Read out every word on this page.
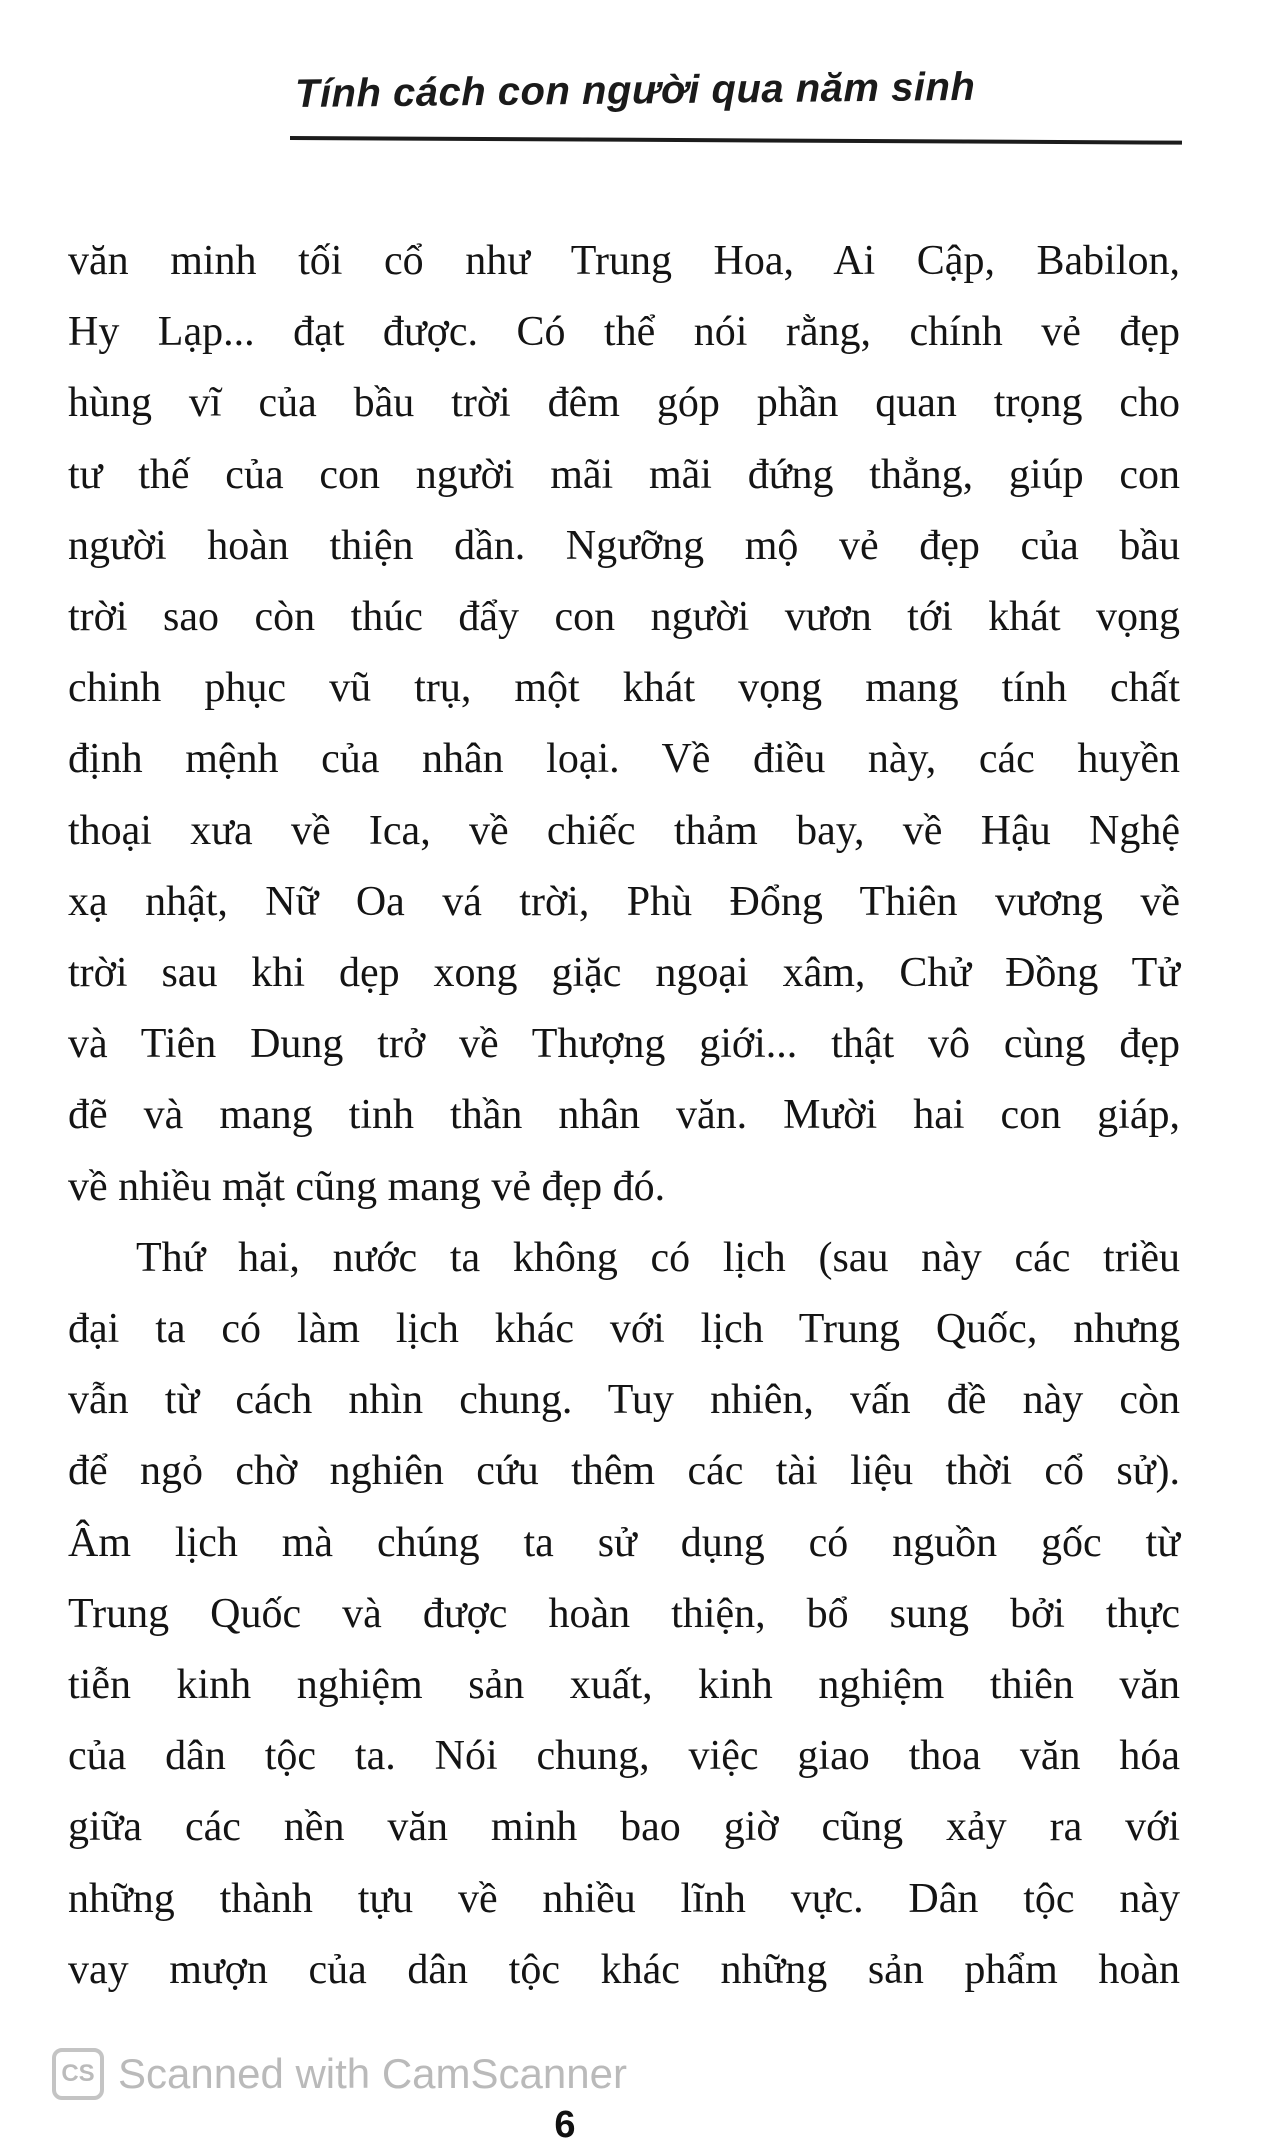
Tính cách con người qua năm sinh
văn minh tối cổ như Trung Hoa, Ai Cập, Babilon,
Hy Lạp... đạt được. Có thể nói rằng, chính vẻ đẹp
hùng vĩ của bầu trời đêm góp phần quan trọng cho
tư thế của con người mãi mãi đứng thẳng, giúp con
người hoàn thiện dần. Ngưỡng mộ vẻ đẹp của bầu
trời sao còn thúc đẩy con người vươn tới khát vọng
chinh phục vũ trụ, một khát vọng mang tính chất
định mệnh của nhân loại. Về điều này, các huyền
thoại xưa về Ica, về chiếc thảm bay, về Hậu Nghệ
xạ nhật, Nữ Oa vá trời, Phù Đổng Thiên vương về
trời sau khi dẹp xong giặc ngoại xâm, Chử Đồng Tử
và Tiên Dung trở về Thượng giới... thật vô cùng đẹp
đẽ và mang tinh thần nhân văn. Mười hai con giáp,
về nhiều mặt cũng mang vẻ đẹp đó.
Thứ hai, nước ta không có lịch (sau này các triều
đại ta có làm lịch khác với lịch Trung Quốc, nhưng
vẫn từ cách nhìn chung. Tuy nhiên, vấn đề này còn
để ngỏ chờ nghiên cứu thêm các tài liệu thời cổ sử).
Âm lịch mà chúng ta sử dụng có nguồn gốc từ
Trung Quốc và được hoàn thiện, bổ sung bởi thực
tiễn kinh nghiệm sản xuất, kinh nghiệm thiên văn
của dân tộc ta. Nói chung, việc giao thoa văn hóa
giữa các nền văn minh bao giờ cũng xảy ra với
những thành tựu về nhiều lĩnh vực. Dân tộc này
vay mượn của dân tộc khác những sản phẩm hoàn
CS Scanned with CamScanner
6
